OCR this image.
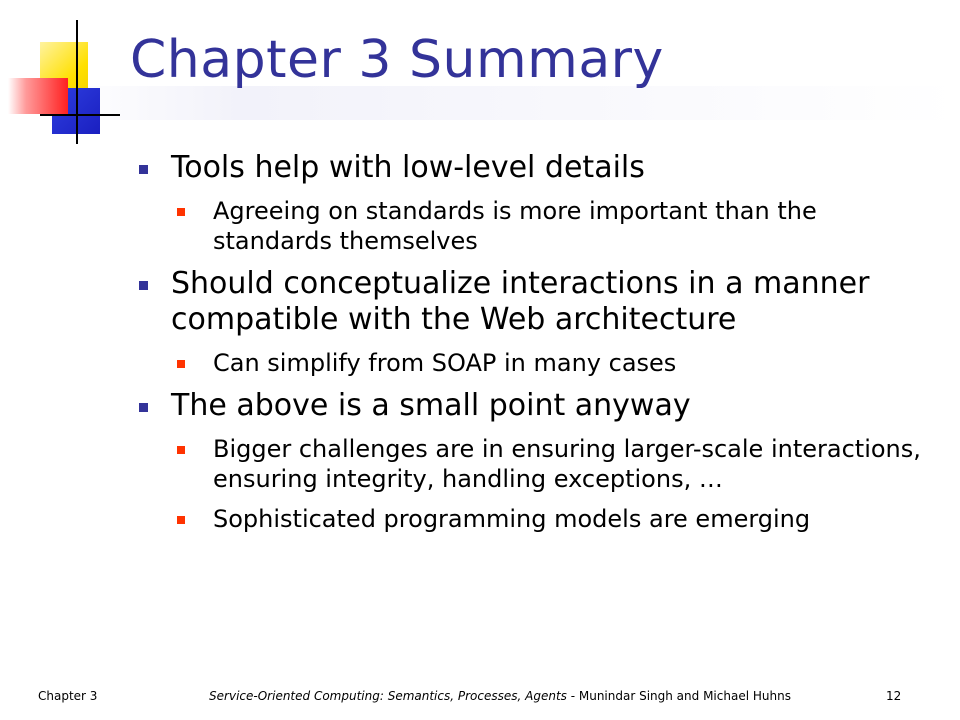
Chapter 3 Summary
Tools help with low-level details
Agreeing on standards is more important than the standards themselves
Should conceptualize interactions in a manner compatible with the Web architecture
Can simplify from SOAP in many cases
The above is a small point anyway
Bigger challenges are in ensuring larger-scale interactions, ensuring integrity, handling exceptions, …
Sophisticated programming models are emerging
Chapter 3	Service-Oriented Computing: Semantics, Processes, Agents - Munindar Singh and Michael Huhns	12
